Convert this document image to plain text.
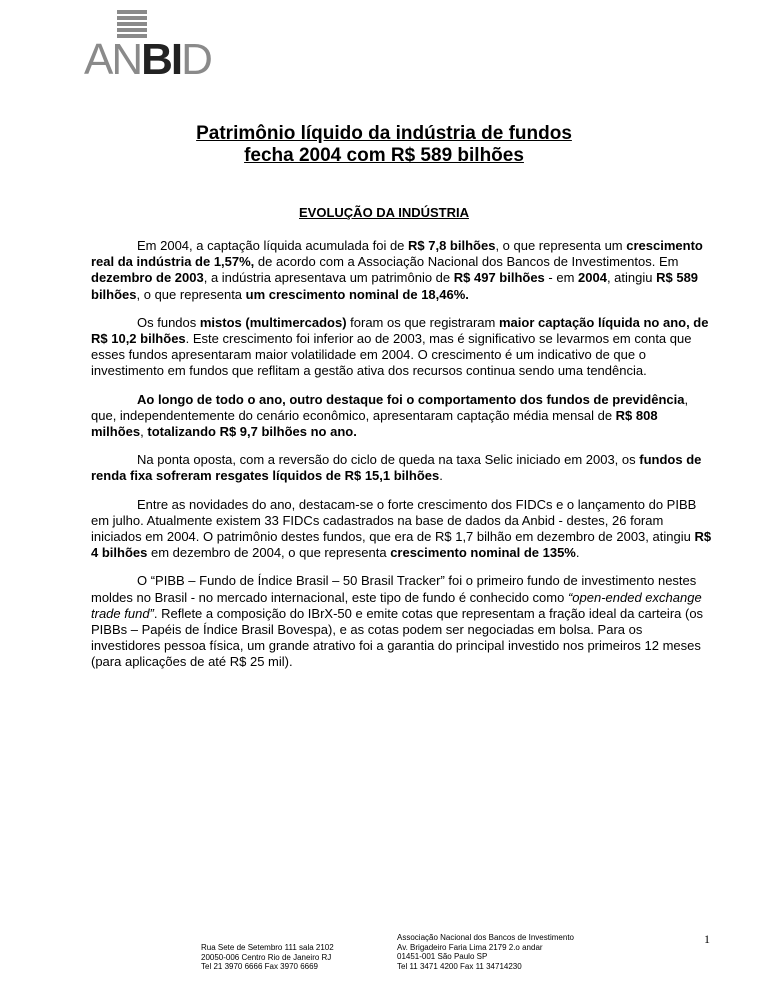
ANBID
Patrimônio líquido da indústria de fundos
fecha 2004 com R$ 589 bilhões
EVOLUÇÃO DA INDÚSTRIA

Em 2004, a captação líquida acumulada foi de R$ 7,8 bilhões, o que representa um crescimento real da indústria de 1,57%, de acordo com a Associação Nacional dos Bancos de Investimentos. Em dezembro de 2003, a indústria apresentava um patrimônio de R$ 497 bilhões - em 2004, atingiu R$ 589 bilhões, o que representa um crescimento nominal de 18,46%.

Os fundos mistos (multimercados) foram os que registraram maior captação líquida no ano, de R$ 10,2 bilhões. Este crescimento foi inferior ao de 2003, mas é significativo se levarmos em conta que esses fundos apresentaram maior volatilidade em 2004. O crescimento é um indicativo de que o investimento em fundos que reflitam a gestão ativa dos recursos continua sendo uma tendência.

Ao longo de todo o ano, outro destaque foi o comportamento dos fundos de previdência, que, independentemente do cenário econômico, apresentaram captação média mensal de R$ 808 milhões, totalizando R$ 9,7 bilhões no ano.

Na ponta oposta, com a reversão do ciclo de queda na taxa Selic iniciado em 2003, os fundos de renda fixa sofreram resgates líquidos de R$ 15,1 bilhões.

Entre as novidades do ano, destacam-se o forte crescimento dos FIDCs e o lançamento do PIBB em julho. Atualmente existem 33 FIDCs cadastrados na base de dados da Anbid - destes, 26 foram iniciados em 2004. O patrimônio destes fundos, que era de R$ 1,7 bilhão em dezembro de 2003, atingiu R$ 4 bilhões em dezembro de 2004, o que representa crescimento nominal de 135%.

O “PIBB – Fundo de Índice Brasil – 50 Brasil Tracker” foi o primeiro fundo de investimento nestes moldes no Brasil - no mercado internacional, este tipo de fundo é conhecido como “open-ended exchange trade fund”. Reflete a composição do IBrX-50 e emite cotas que representam a fração ideal da carteira (os PIBBs – Papéis de Índice Brasil Bovespa), e as cotas podem ser negociadas em bolsa. Para os investidores pessoa física, um grande atrativo foi a garantia do principal investido nos primeiros 12 meses (para aplicações de até R$ 25 mil).

Rua Sete de Setembro 111 sala 2102
20050-006 Centro Rio de Janeiro RJ
Tel 21 3970 6666 Fax 3970 6669
Associação Nacional dos Bancos de Investimento
Av. Brigadeiro Faria Lima 2179 2.o andar
01451-001 São Paulo SP
Tel 11 3471 4200 Fax 11 34714230
1
